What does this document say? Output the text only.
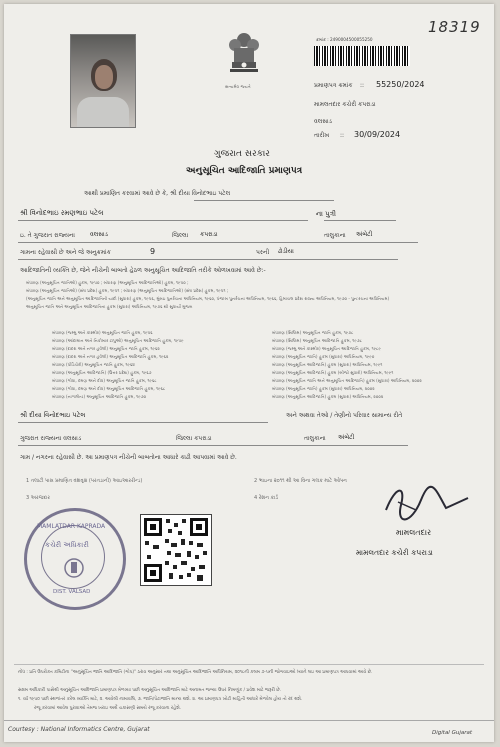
સત્યમેવ જયતે
18319
ક્રમાંક : 2490004500055250
પ્રમાણપત્ર ક્રમાંક :: 55250/2024
મામલતદાર કચેરી કપરાડા
વલસાડ
તારીખ :: 30/09/2024
ગુજરાત સરકાર
અનુસૂચિત આદિજાતિ પ્રમાણપત્ર
આથી પ્રમાણિત કરવામાં આવે છે કે, શ્રી દીયા વિનોદભાઇ પટેલ
શ્રી વિનોદભાઇ રમણભાઇ પટેલ	ના પુત્રી
ઇ. તે ગુજરાત રાજ્યના	વલસાડ	જિલ્લા કપરાડા	તાલુકાના અંબેટી
ગામના રહેવાસી છે અને જે અનુક્રમાંક	9	પરની ઢોડીયા
આદિજાતિની વ્યક્તિ છે, જેને નીચેની બાબતો હેઠળ અનુસૂચિત આદિજાતિ તરીકે ઓળખવામાં આવે છે:-
બંધારણ (અનુસૂચિત જાતિઓ) હુકમ, ૧૯૫૦ ; બંધારણ (અનુસૂચિત આદિજાતિઓ) હુકમ, ૧૯૫૦ ;
બંધારણ (અનુસૂચિત જાતિઓ) (સંઘ પ્રદેશ) હુકમ, ૧૯૫૧ ; બંધારણ (અનુસૂચિત આદિજાતિઓ) (સંઘ પ્રદેશ) હુકમ, ૧૯૫૧ ;
(અનુસૂચિત જાતિ અને અનુસૂચિત આદિજાતિની યાદી (સુધારા) હુકમ, ૧૯૫૬, મુંબઇ પુનર્રચના અધિનિયમ, ૧૯૬૦, પંજાબ પુનર્રચના અધિનિયમ, ૧૯૬૬, હિમાચલ પ્રદેશ રાજ્ય અધિનિયમ, ૧૯૭૦ - પુનઃરચના અધિનિયમ)
અનુસૂચિત જાતિ અને અનુસૂચિત આદિજાતિના હુકમ (સુધારા) અધિનિયમ, ૧૯૭૬ થી સુધાર્યા મુજબ
બંધારણ (જમ્મુ અને કાશ્મીર) અનુસૂચિત જાતિ હુકમ, ૧૯૫૬
બંધારણ (આંદામાન અને નિકોબાર ટાપુઓ) અનુસૂચિત આદિજાતિ હુકમ, ૧૯૫૯
બંધારણ (દાદરા અને નગર હવેલી) અનુસૂચિત જાતિ હુકમ, ૧૯૬૨
બંધારણ (દાદરા અને નગર હવેલી) અનુસૂચિત આદિજાતિ હુકમ, ૧૯૬૨
બંધારણ (પોંડિચેરી) અનુસૂચિત જાતિ હુકમ, ૧૯૬૪
બંધારણ (અનુસૂચિત આદિજાતિ) (ઉત્તર પ્રદેશ) હુકમ, ૧૯૬૭
બંધારણ (ગોવા, દમણ અને દીવ) અનુસૂચિત જાતિ હુકમ, ૧૯૬૮
બંધારણ (ગોવા, દમણ અને દીવ) અનુસૂચિત આદિજાતિ હુકમ, ૧૯૬૮
બંધારણ (નાગાલેન્ડ) અનુસૂચિત આદિજાતિ હુકમ, ૧૯૭૦
બંધારણ (સિક્કિમ) અનુસૂચિત જાતિ હુકમ, ૧૯૭૮
બંધારણ (સિક્કિમ) અનુસૂચિત આદિજાતિ હુકમ, ૧૯૭૮
બંધારણ (જમ્મુ અને કાશ્મીર) અનુસૂચિત આદિજાતિ હુકમ, ૧૯૮૯
બંધારણ (અનુસૂચિત જાતિ) હુકમ (સુધારા) અધિનિયમ, ૧૯૯૦
બંધારણ (અનુસૂચિત આદિજાતિ) હુકમ (સુધારા) અધિનિયમ, ૧૯૯૧
બંધારણ (અનુસૂચિત આદિજાતિ) હુકમ (બીજો સુધારો) અધિનિયમ, ૧૯૯૧
બંધારણ (અનુસૂચિત જાતિ અને અનુસૂચિત આદિજાતિ) હુકમ (સુધારા) અધિનિયમ, ૨૦૦૨
બંધારણ (અનુસૂચિત જાતિ) હુકમ (સુધારા) અધિનિયમ, ૨૦૦૨
બંધારણ (અનુસૂચિત આદિજાતિ) હુકમ (સુધારા) અધિનિયમ, ૨૦૦૨
શ્રી દીયા વિનોદભાઇ પટેલ	અને અથવા તેઓ / તેણીનો પરિવાર સામાન્ય રીતે
ગુજરાત રાજ્યના વલસાડ	જિલ્લા કપરાડા	તાલુકાના અંબેટી
ગામ / નગરના રહેવાસી છે. આ પ્રમાણપત્ર નીચેની બાબતોના આધારે કાઢી આપવામાં આવે છે.
1 તલાટી પાસ પ્રમાણિત વંશવૃક્ષ (પરતડાની) આઇઆરરીન્ડ)	2 ભાઇના ૨૦૧૧ થી આ વિના ગલક માટે ઓપન
3 અરજદાર	4 રેશન કાર્ડ
MAMLATDAR KAPRADA
કચેરી અધિકારી
DIST. VALSAD
મામલતદાર
મામલતદાર કચેરી કપરાડા
નોંધ : પ્રતિ ઉપરોક્ત કમિટીના "અનુસૂચિત જાતિ આદિજાતિ (ગોપ)" ઠરાવ અનુસાર તથા અનુસૂચિત આદિજાતિ અધિનિયમ, ૨૦૧૮ની કલમ ૭-૫ની જોગવાઇઓ ધ્યાને લઇ આ પ્રમાણપત્ર આપવામાં આવે છે.
સક્ષમ અધિકારી પાસેથી અનુસૂચિત આદિજાતિ પ્રમાણપત્ર મેળવ્યા પછી અનુસૂચિત આદિજાતિ માટે અનામત જગ્યા ઉપર નિમણૂંક / પ્રવેશ માટે જરૂરી છે.
૧. વર્ષ ૧૯૫૦ પછી સ્થળાંતર કરેલ વ્યક્તિ માટે, ૨. આવેલી નામાવલિ, ૩. જાતિ/પેટાજાતિ માન્ય થશે. ૪. આ પ્રમાણપત્ર ખોટી માહિતી આધારે મેળવેલ હોય તો રદ થશે.
રજૂ કરવામાં આવેલ પુરાવાઓ તેમજ ખરાઇ અર્થે ચકાસણી સમયે રજૂ કરવાના રહેશે.
Courtesy : National Informatics Centre, Gujarat	Digital Gujarat
